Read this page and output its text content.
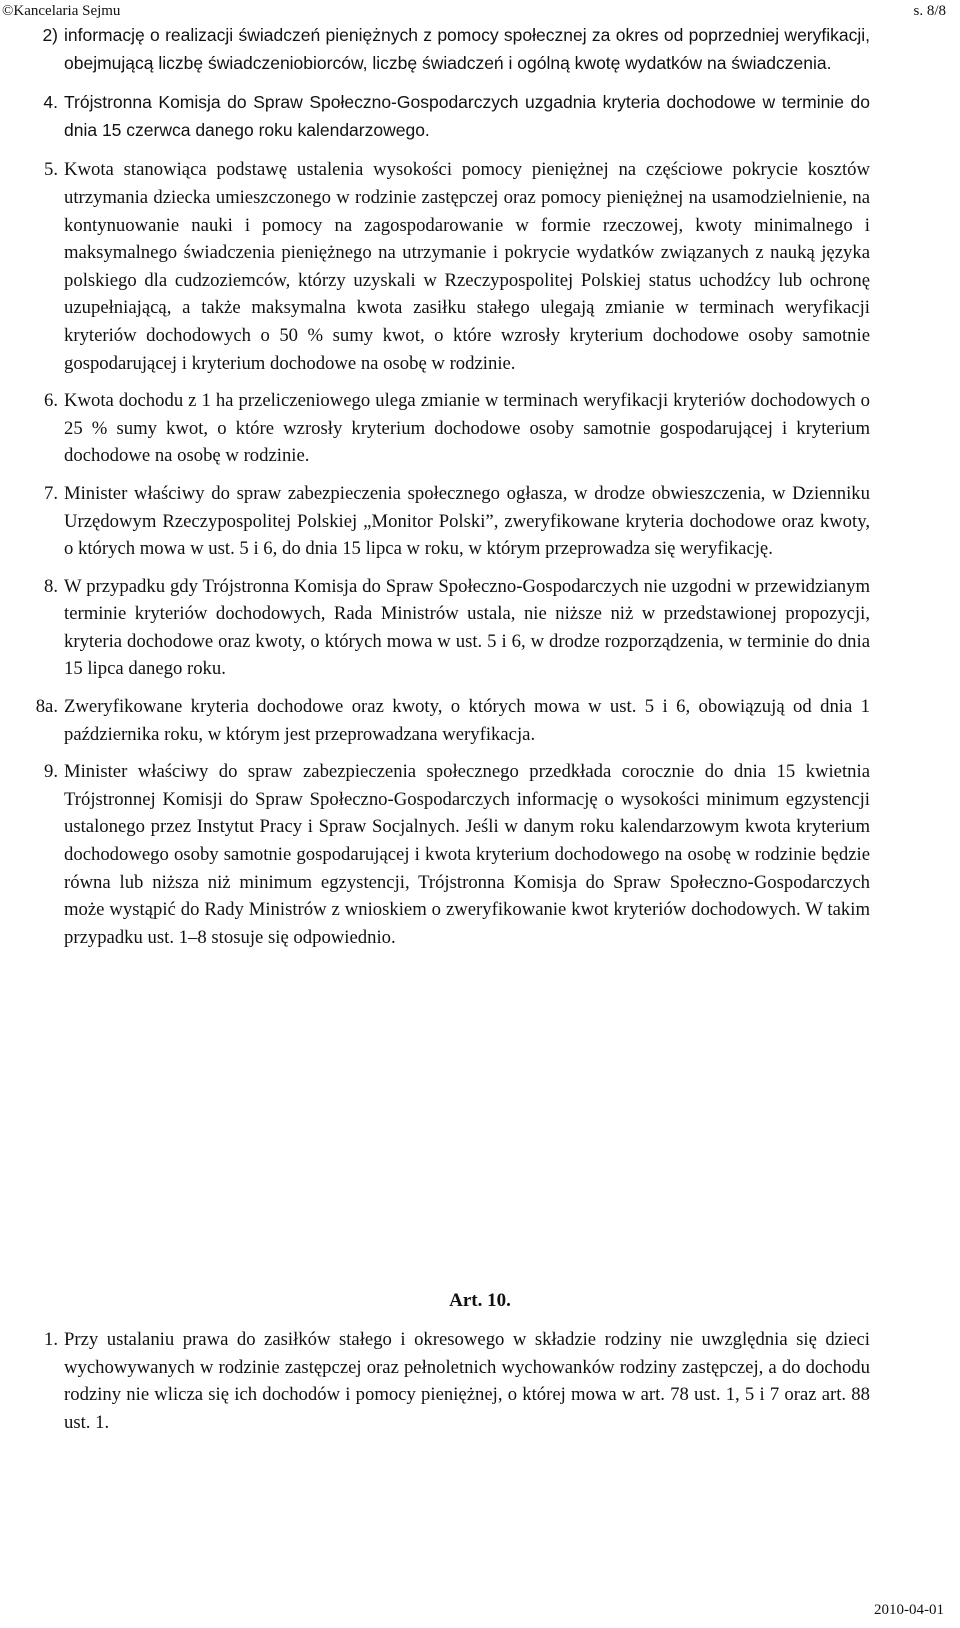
©Kancelaria Sejmu	s. 8/8
2) informację o realizacji świadczeń pieniężnych z pomocy społecznej za okres od poprzedniej weryfikacji, obejmującą liczbę świadczeniobiorców, liczbę świadczeń i ogólną kwotę wydatków na świadczenia.
4. Trójstronna Komisja do Spraw Społeczno-Gospodarczych uzgadnia kryteria dochodowe w terminie do dnia 15 czerwca danego roku kalendarzowego.
5. Kwota stanowiąca podstawę ustalenia wysokości pomocy pieniężnej na częściowe pokrycie kosztów utrzymania dziecka umieszczonego w rodzinie zastępczej oraz pomocy pieniężnej na usamodzielnienie, na kontynuowanie nauki i pomocy na zagospodarowanie w formie rzeczowej, kwoty minimalnego i maksymalnego świadczenia pieniężnego na utrzymanie i pokrycie wydatków związanych z nauką języka polskiego dla cudzoziemców, którzy uzyskali w Rzeczypospolitej Polskiej status uchodźcy lub ochronę uzupełniającą, a także maksymalna kwota zasiłku stałego ulegają zmianie w terminach weryfikacji kryteriów dochodowych o 50 % sumy kwot, o które wzrosły kryterium dochodowe osoby samotnie gospodarującej i kryterium dochodowe na osobę w rodzinie.
6. Kwota dochodu z 1 ha przeliczeniowego ulega zmianie w terminach weryfikacji kryteriów dochodowych o 25 % sumy kwot, o które wzrosły kryterium dochodowe osoby samotnie gospodarującej i kryterium dochodowe na osobę w rodzinie.
7. Minister właściwy do spraw zabezpieczenia społecznego ogłasza, w drodze obwieszczenia, w Dzienniku Urzędowym Rzeczypospolitej Polskiej „Monitor Polski”, zweryfikowane kryteria dochodowe oraz kwoty, o których mowa w ust. 5 i 6, do dnia 15 lipca w roku, w którym przeprowadza się weryfikację.
8. W przypadku gdy Trójstronna Komisja do Spraw Społeczno-Gospodarczych nie uzgodni w przewidzianym terminie kryteriów dochodowych, Rada Ministrów ustala, nie niższe niż w przedstawionej propozycji, kryteria dochodowe oraz kwoty, o których mowa w ust. 5 i 6, w drodze rozporządzenia, w terminie do dnia 15 lipca danego roku.
8a. Zweryfikowane kryteria dochodowe oraz kwoty, o których mowa w ust. 5 i 6, obowiązują od dnia 1 października roku, w którym jest przeprowadzana weryfikacja.
9. Minister właściwy do spraw zabezpieczenia społecznego przedkłada corocznie do dnia 15 kwietnia Trójstronnej Komisji do Spraw Społeczno-Gospodarczych informację o wysokości minimum egzystencji ustalonego przez Instytut Pracy i Spraw Socjalnych. Jeśli w danym roku kalendarzowym kwota kryterium dochodowego osoby samotnie gospodarującej i kwota kryterium dochodowego na osobę w rodzinie będzie równa lub niższa niż minimum egzystencji, Trójstronna Komisja do Spraw Społeczno-Gospodarczych może wystąpić do Rady Ministrów z wnioskiem o zweryfikowanie kwot kryteriów dochodowych. W takim przypadku ust. 1–8 stosuje się odpowiednio.
Art. 10.
1. Przy ustalaniu prawa do zasiłków stałego i okresowego w składzie rodziny nie uwzględnia się dzieci wychowywanych w rodzinie zastępczej oraz pełnoletnich wychowanków rodziny zastępczej, a do dochodu rodziny nie wlicza się ich dochodów i pomocy pieniężnej, o której mowa w art. 78 ust. 1, 5 i 7 oraz art. 88 ust. 1.
2010-04-01
